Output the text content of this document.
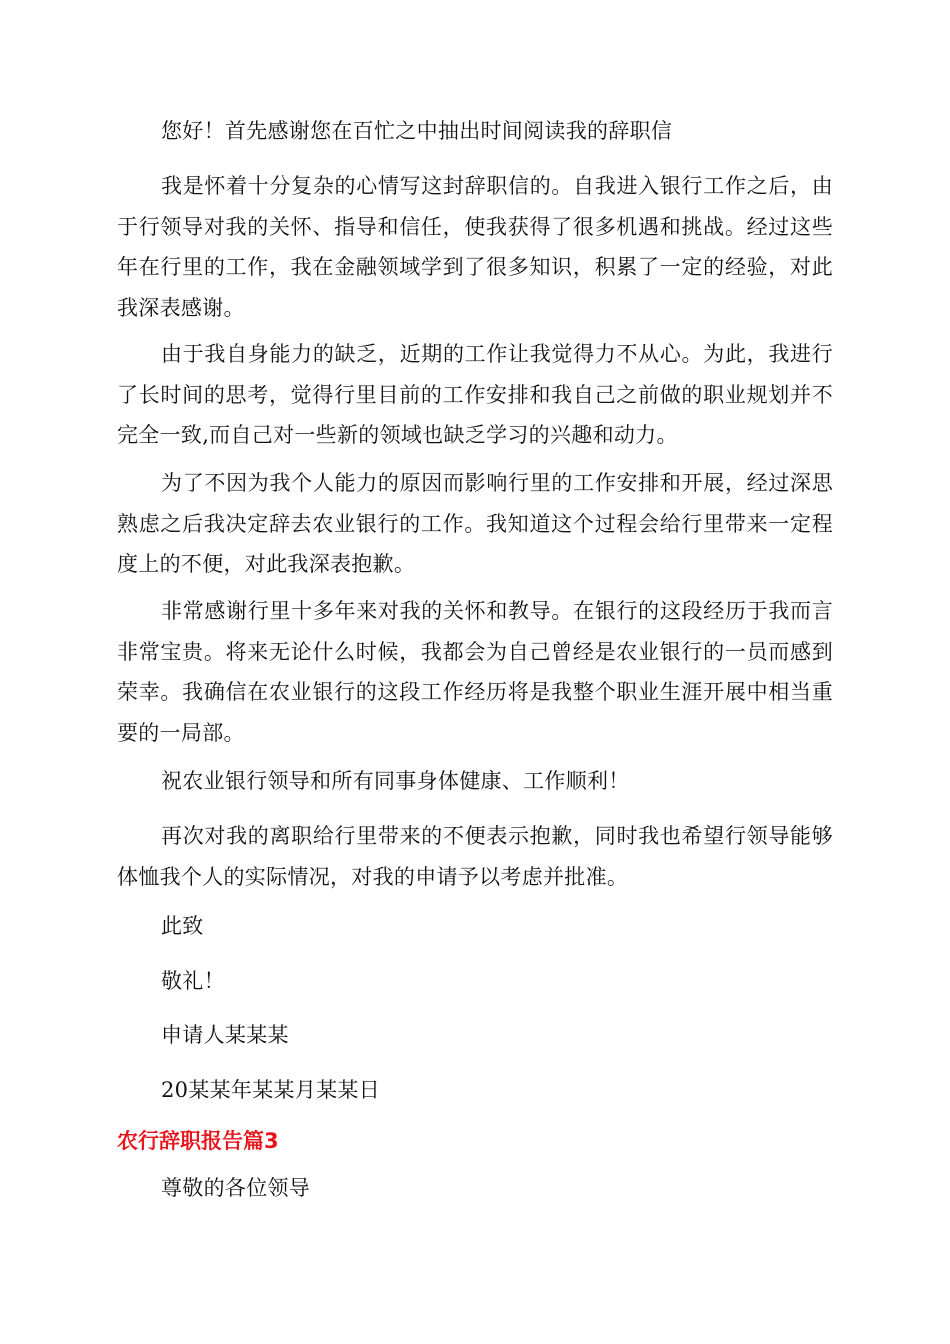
您好！首先感谢您在百忙之中抽出时间阅读我的辞职信

我是怀着十分复杂的心情写这封辞职信的。自我进入银行工作之后，由于行领导对我的关怀、指导和信任，使我获得了很多机遇和挑战。经过这些年在行里的工作，我在金融领域学到了很多知识，积累了一定的经验，对此我深表感谢。

由于我自身能力的缺乏，近期的工作让我觉得力不从心。为此，我进行了长时间的思考，觉得行里目前的工作安排和我自己之前做的职业规划并不完全一致,而自己对一些新的领域也缺乏学习的兴趣和动力。

为了不因为我个人能力的原因而影响行里的工作安排和开展，经过深思熟虑之后我决定辞去农业银行的工作。我知道这个过程会给行里带来一定程度上的不便，对此我深表抱歉。

非常感谢行里十多年来对我的关怀和教导。在银行的这段经历于我而言非常宝贵。将来无论什么时候，我都会为自己曾经是农业银行的一员而感到荣幸。我确信在农业银行的这段工作经历将是我整个职业生涯开展中相当重要的一局部。

祝农业银行领导和所有同事身体健康、工作顺利！

再次对我的离职给行里带来的不便表示抱歉，同时我也希望行领导能够体恤我个人的实际情况，对我的申请予以考虑并批准。

此致

敬礼！

申请人某某某

20某某年某某月某某日

农行辞职报告篇3

尊敬的各位领导
